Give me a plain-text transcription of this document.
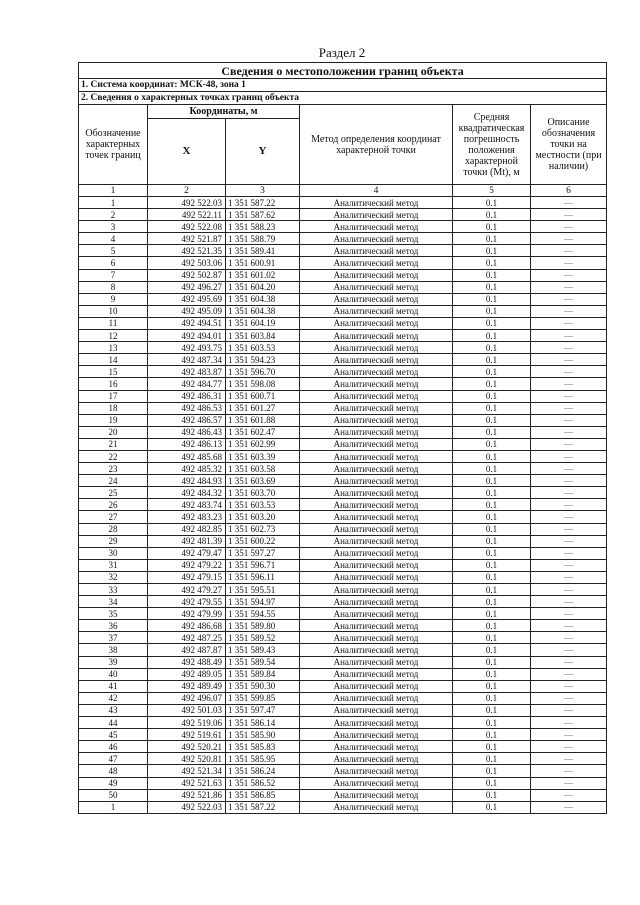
Раздел 2
Сведения о местоположении границ объекта					
1. Система координат: МСК-48, зона 1					
2. Сведения о характерных точках границ объекта					
Обозначение характерных точек границ	Координаты, м		Метод определения координат характерной точки	Средняя квадратическая погрешность положения характерной точки (Mt), м	Описание обозначения точки на местности (при наличии)
	X	Y			
1	2	3	4	5	6
1	492 522.03	1 351 587.22	Аналитический метод	0.1	—
2	492 522.11	1 351 587.62	Аналитический метод	0.1	—
3	492 522.08	1 351 588.23	Аналитический метод	0.1	—
4	492 521.87	1 351 588.79	Аналитический метод	0.1	—
5	492 521.35	1 351 589.41	Аналитический метод	0.1	—
6	492 503.06	1 351 600.91	Аналитический метод	0.1	—
7	492 502.87	1 351 601.02	Аналитический метод	0.1	—
8	492 496.27	1 351 604.20	Аналитический метод	0.1	—
9	492 495.69	1 351 604.38	Аналитический метод	0.1	—
10	492 495.09	1 351 604.38	Аналитический метод	0.1	—
11	492 494.51	1 351 604.19	Аналитический метод	0.1	—
12	492 494.01	1 351 603.84	Аналитический метод	0.1	—
13	492 493.75	1 351 603.53	Аналитический метод	0.1	—
14	492 487.34	1 351 594.23	Аналитический метод	0.1	—
15	492 483.87	1 351 596.70	Аналитический метод	0.1	—
16	492 484.77	1 351 598.08	Аналитический метод	0.1	—
17	492 486.31	1 351 600.71	Аналитический метод	0.1	—
18	492 486.53	1 351 601.27	Аналитический метод	0.1	—
19	492 486.57	1 351 601.88	Аналитический метод	0.1	—
20	492 486.43	1 351 602.47	Аналитический метод	0.1	—
21	492 486.13	1 351 602.99	Аналитический метод	0.1	—
22	492 485.68	1 351 603.39	Аналитический метод	0.1	—
23	492 485.32	1 351 603.58	Аналитический метод	0.1	—
24	492 484.93	1 351 603.69	Аналитический метод	0.1	—
25	492 484.32	1 351 603.70	Аналитический метод	0.1	—
26	492 483.74	1 351 603.53	Аналитический метод	0.1	—
27	492 483.23	1 351 603.20	Аналитический метод	0.1	—
28	492 482.85	1 351 602.73	Аналитический метод	0.1	—
29	492 481.39	1 351 600.22	Аналитический метод	0.1	—
30	492 479.47	1 351 597.27	Аналитический метод	0.1	—
31	492 479.22	1 351 596.71	Аналитический метод	0.1	—
32	492 479.15	1 351 596.11	Аналитический метод	0.1	—
33	492 479.27	1 351 595.51	Аналитический метод	0.1	—
34	492 479.55	1 351 594.97	Аналитический метод	0.1	—
35	492 479.99	1 351 594.55	Аналитический метод	0.1	—
36	492 486.68	1 351 589.80	Аналитический метод	0.1	—
37	492 487.25	1 351 589.52	Аналитический метод	0.1	—
38	492 487.87	1 351 589.43	Аналитический метод	0.1	—
39	492 488.49	1 351 589.54	Аналитический метод	0.1	—
40	492 489.05	1 351 589.84	Аналитический метод	0.1	—
41	492 489.49	1 351 590.30	Аналитический метод	0.1	—
42	492 496.07	1 351 599.85	Аналитический метод	0.1	—
43	492 501.03	1 351 597.47	Аналитический метод	0.1	—
44	492 519.06	1 351 586.14	Аналитический метод	0.1	—
45	492 519.61	1 351 585.90	Аналитический метод	0.1	—
46	492 520.21	1 351 585.83	Аналитический метод	0.1	—
47	492 520.81	1 351 585.95	Аналитический метод	0.1	—
48	492 521.34	1 351 586.24	Аналитический метод	0.1	—
49	492 521.63	1 351 586.52	Аналитический метод	0.1	—
50	492 521.86	1 351 586.85	Аналитический метод	0.1	—
1	492 522.03	1 351 587.22	Аналитический метод	0.1	—
